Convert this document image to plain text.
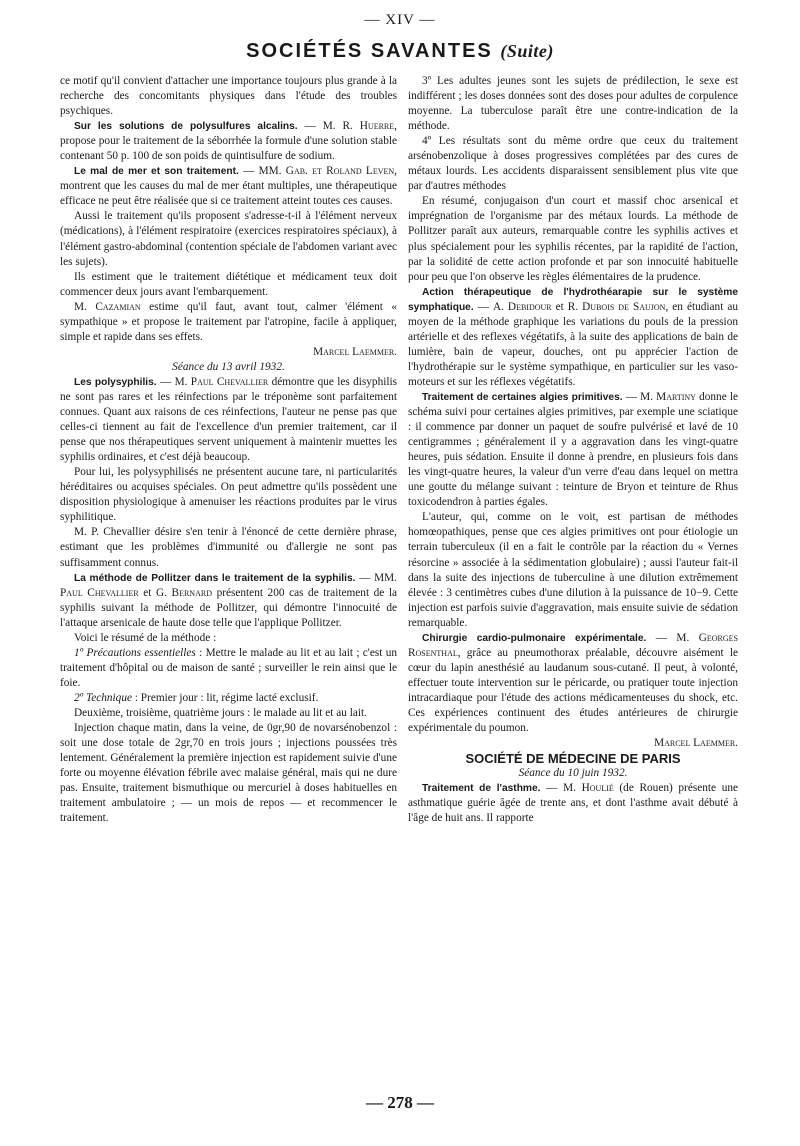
— XIV —
SOCIÉTÉS SAVANTES (Suite)

ce motif qu'il convient d'attacher une importance toujours plus grande à la recherche des concomitants physiques dans l'étude des troubles psychiques.

Sur les solutions de polysulfures alcalins. — M. R. Huerre, propose pour le traitement de la séborrhée la formule d'une solution stable contenant 50 p. 100 de son poids de quintisulfure de sodium.

Le mal de mer et son traitement. — MM. Gab. et Roland Leven, montrent que les causes du mal de mer étant multiples, une thérapeutique efficace ne peut être réalisée que si ce traitement atteint toutes ces causes.

Aussi le traitement qu'ils proposent s'adresse-t-il à l'élément nerveux (médications), à l'élément respiratoire (exercices respiratoires spéciaux), à l'élément gastro-abdominal (contention spéciale de l'abdomen variant avec les sujets).

Ils estiment que le traitement diététique et médicament teux doit commencer deux jours avant l'embarquement.

M. Cazamian estime qu'il faut, avant tout, calmer 'élément « sympathique » et propose le traitement par l'atropine, facile à appliquer, simple et rapide dans ses effets.

Marcel Laemmer.

Séance du 13 avril 1932.

Les polysyphilis. — M. Paul Chevallier démontre que les disyphilis ne sont pas rares et les réinfections par le tréponème sont parfaitement connues. Quant aux raisons de ces réinfections, l'auteur ne pense pas que celles-ci tiennent au fait de l'excellence d'un premier traitement, car il pense que nos thérapeutiques servent uniquement à maintenir muettes les syphilis ordinaires, et c'est déjà beaucoup.

Pour lui, les polysyphilisés ne présentent aucune tare, ni particularités héréditaires ou acquises spéciales. On peut admettre qu'ils possèdent une disposition physiologique à amenuiser les réactions produites par le virus syphilitique.

M. P. Chevallier désire s'en tenir à l'énoncé de cette dernière phrase, estimant que les problèmes d'immunité ou d'allergie ne sont pas suffisamment connus.

La méthode de Pollitzer dans le traitement de la syphilis. — MM. Paul Chevallier et G. Bernard présentent 200 cas de traitement de la syphilis suivant la méthode de Pollitzer, qui démontre l'innocuité de l'attaque arsenicale de haute dose telle que l'applique Pollitzer.

Voici le résumé de la méthode :

1º Précautions essentielles : Mettre le malade au lit et au lait ; c'est un traitement d'hôpital ou de maison de santé ; surveiller le rein ainsi que le foie.

2º Technique : Premier jour : lit, régime lacté exclusif.

Deuxième, troisième, quatrième jours : le malade au lit et au lait.

Injection chaque matin, dans la veine, de 0gr,90 de novarsénobenzol : soit une dose totale de 2gr,70 en trois jours ; injections poussées très lentement. Généralement la première injection est rapidement suivie d'une forte ou moyenne élévation fébrile avec malaise général, mais qui ne dure pas. Ensuite, traitement bismuthique ou mercuriel à doses habituelles en traitement ambulatoire ; — un mois de repos — et recommencer le traitement.

3º Les adultes jeunes sont les sujets de prédilection, le sexe est indifférent ; les doses données sont des doses pour adultes de corpulence moyenne. La tuberculose paraît être une contre-indication de la méthode.

4º Les résultats sont du même ordre que ceux du traitement arsénobenzolique à doses progressives complétées par des cures de métaux lourds. Les accidents disparaissent sensiblement plus vite que par d'autres méthodes

En résumé, conjugaison d'un court et massif choc arsenical et imprégnation de l'organisme par des métaux lourds. La méthode de Pollitzer paraît aux auteurs, remarquable contre les syphilis actives et plus spécialement pour les syphilis récentes, par la rapidité de l'action, par la solidité de cette action profonde et par son innocuité habituelle pour peu que l'on observe les règles élémentaires de la prudence.

Action thérapeutique de l'hydrothéarapie sur le système symphatique. — A. Debidour et R. Dubois de Saujon, en étudiant au moyen de la méthode graphique les variations du pouls de la pression artérielle et des reflexes végétatifs, à la suite des applications de bain de lumière, bain de vapeur, douches, ont pu apprécier l'action de l'hydrothérapie sur le système sympathique, en particulier sur les vaso-moteurs et sur les réflexes végétatifs.

Traitement de certaines algies primitives. — M. Martiny donne le schéma suivi pour certaines algies primitives, par exemple une sciatique : il commence par donner un paquet de soufre pulvérisé et lavé de 10 centigrammes ; généralement il y a aggravation dans les vingt-quatre heures, puis sédation. Ensuite il donne à prendre, en plusieurs fois dans les vingt-quatre heures, la valeur d'un verre d'eau dans lequel on mettra une goutte du mélange suivant : teinture de Bryon et teinture de Rhus toxicodendron à parties égales.

L'auteur, qui, comme on le voit, est partisan de méthodes homœopathiques, pense que ces algies primitives ont pour étiologie un terrain tuberculeux (il en a fait le contrôle par la réaction du « Vernes résorcine » associée à la sédimentation globulaire) ; aussi l'auteur fait-il dans la suite des injections de tuberculine à une dilution extrêmement élevée : 3 centimètres cubes d'une dilution à la puissance de 10−9. Cette injection est parfois suivie d'aggravation, mais ensuite suivie de sédation remarquable.

Chirurgie cardio-pulmonaire expérimentale. — M. Georges Rosenthal, grâce au pneumothorax préalable, découvre aisément le cœur du lapin anesthésié au laudanum sous-cutané. Il peut, à volonté, effectuer toute intervention sur le péricarde, ou pratiquer toute injection intracardiaque pour l'étude des actions médicamenteuses du shock, etc. Ces expériences continuent des études antérieures de chirurgie expérimentale du poumon.

Marcel Laemmer.

SOCIÉTÉ DE MÉDECINE DE PARIS

Séance du 10 juin 1932.

Traitement de l'asthme. — M. Houlié (de Rouen) présente une asthmatique guérie âgée de trente ans, et dont l'asthme avait débuté à l'âge de huit ans. Il rapporte

— 278 —
